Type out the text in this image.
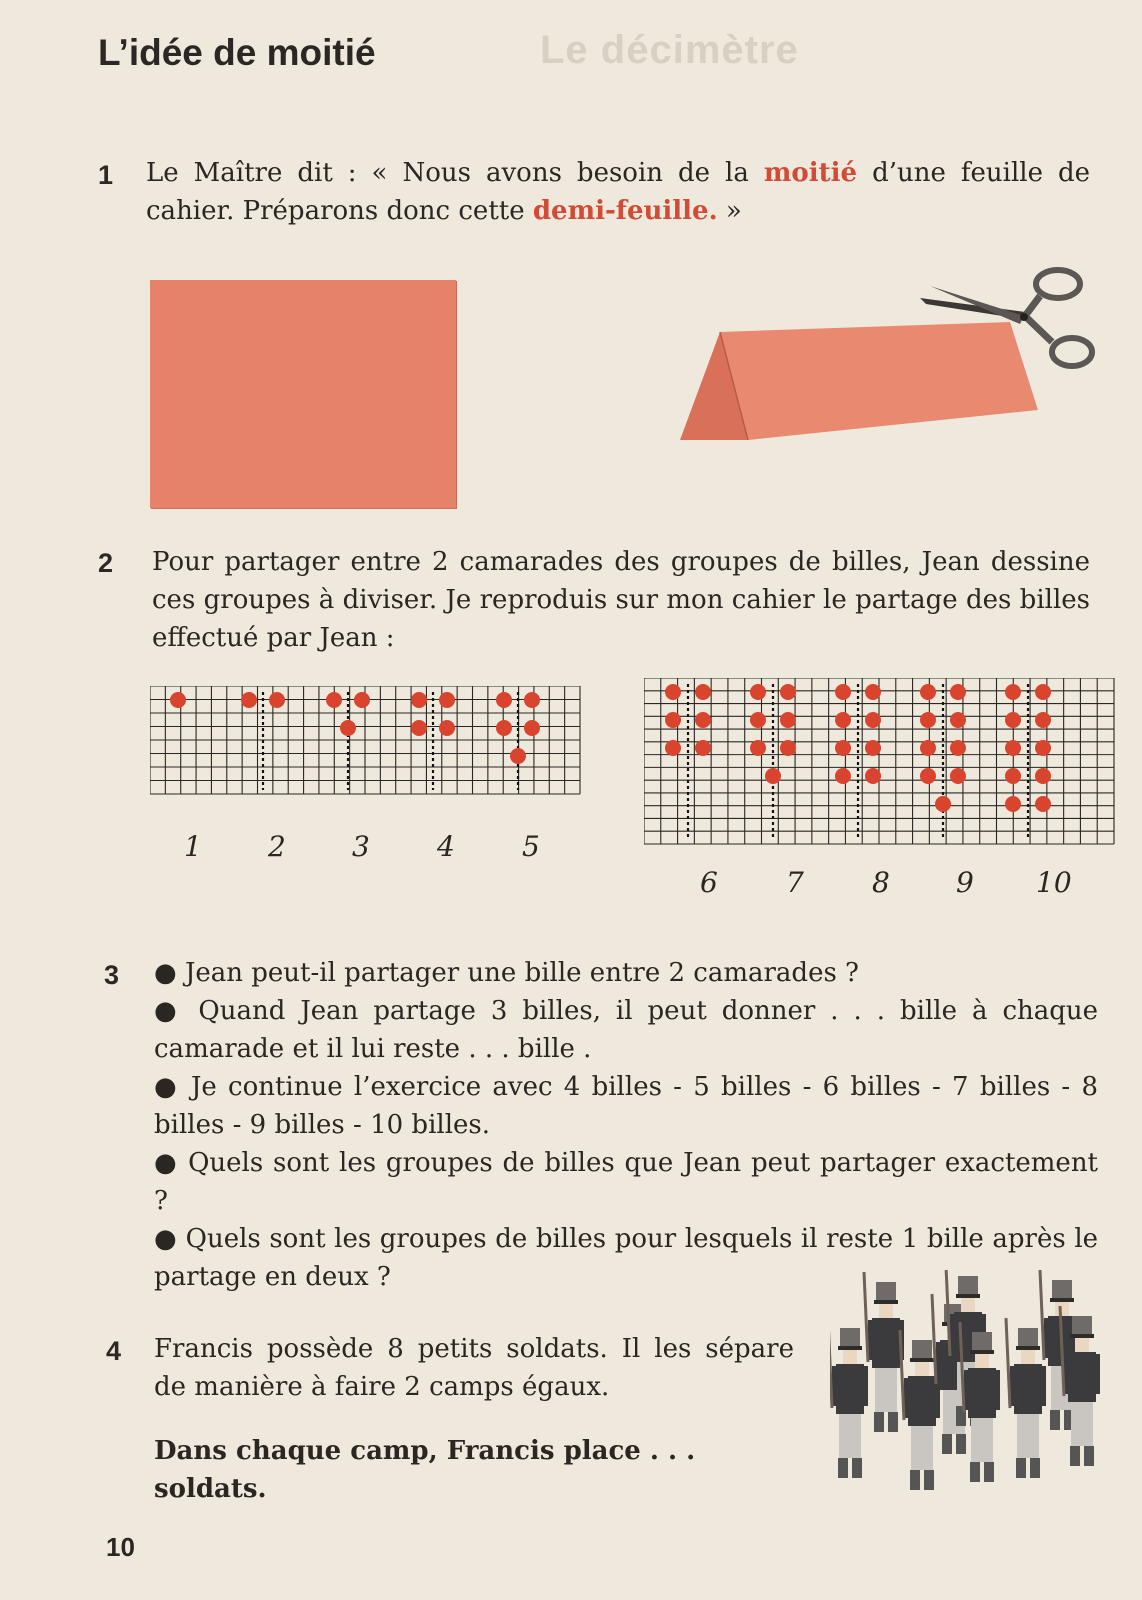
Le décimètre
L’idée de moitié
1 Le Maître dit : « Nous avons besoin de la moitié d’une feuille de cahier. Préparons donc cette demi-feuille. »

2 Pour partager entre 2 camarades des groupes de billes, Jean dessine ces groupes à diviser. Je reproduis sur mon cahier le partage des billes effectué par Jean :
1 2 3 4 5
6 7 8 9 10
3 ● Jean peut-il partager une bille entre 2 camarades ?

● Quand Jean partage 3 billes, il peut donner . . . bille à chaque camarade et il lui reste . . . bille .

● Je continue l’exercice avec 4 billes - 5 billes - 6 billes - 7 billes - 8 billes - 9 billes - 10 billes.

● Quels sont les groupes de billes que Jean peut partager exactement ?

● Quels sont les groupes de billes pour lesquels il reste 1 bille après le partage en deux ?

4 Francis possède 8 petits soldats. Il les sépare de manière à faire 2 camps égaux.
Dans chaque camp, Francis place . . .
soldats.
10
